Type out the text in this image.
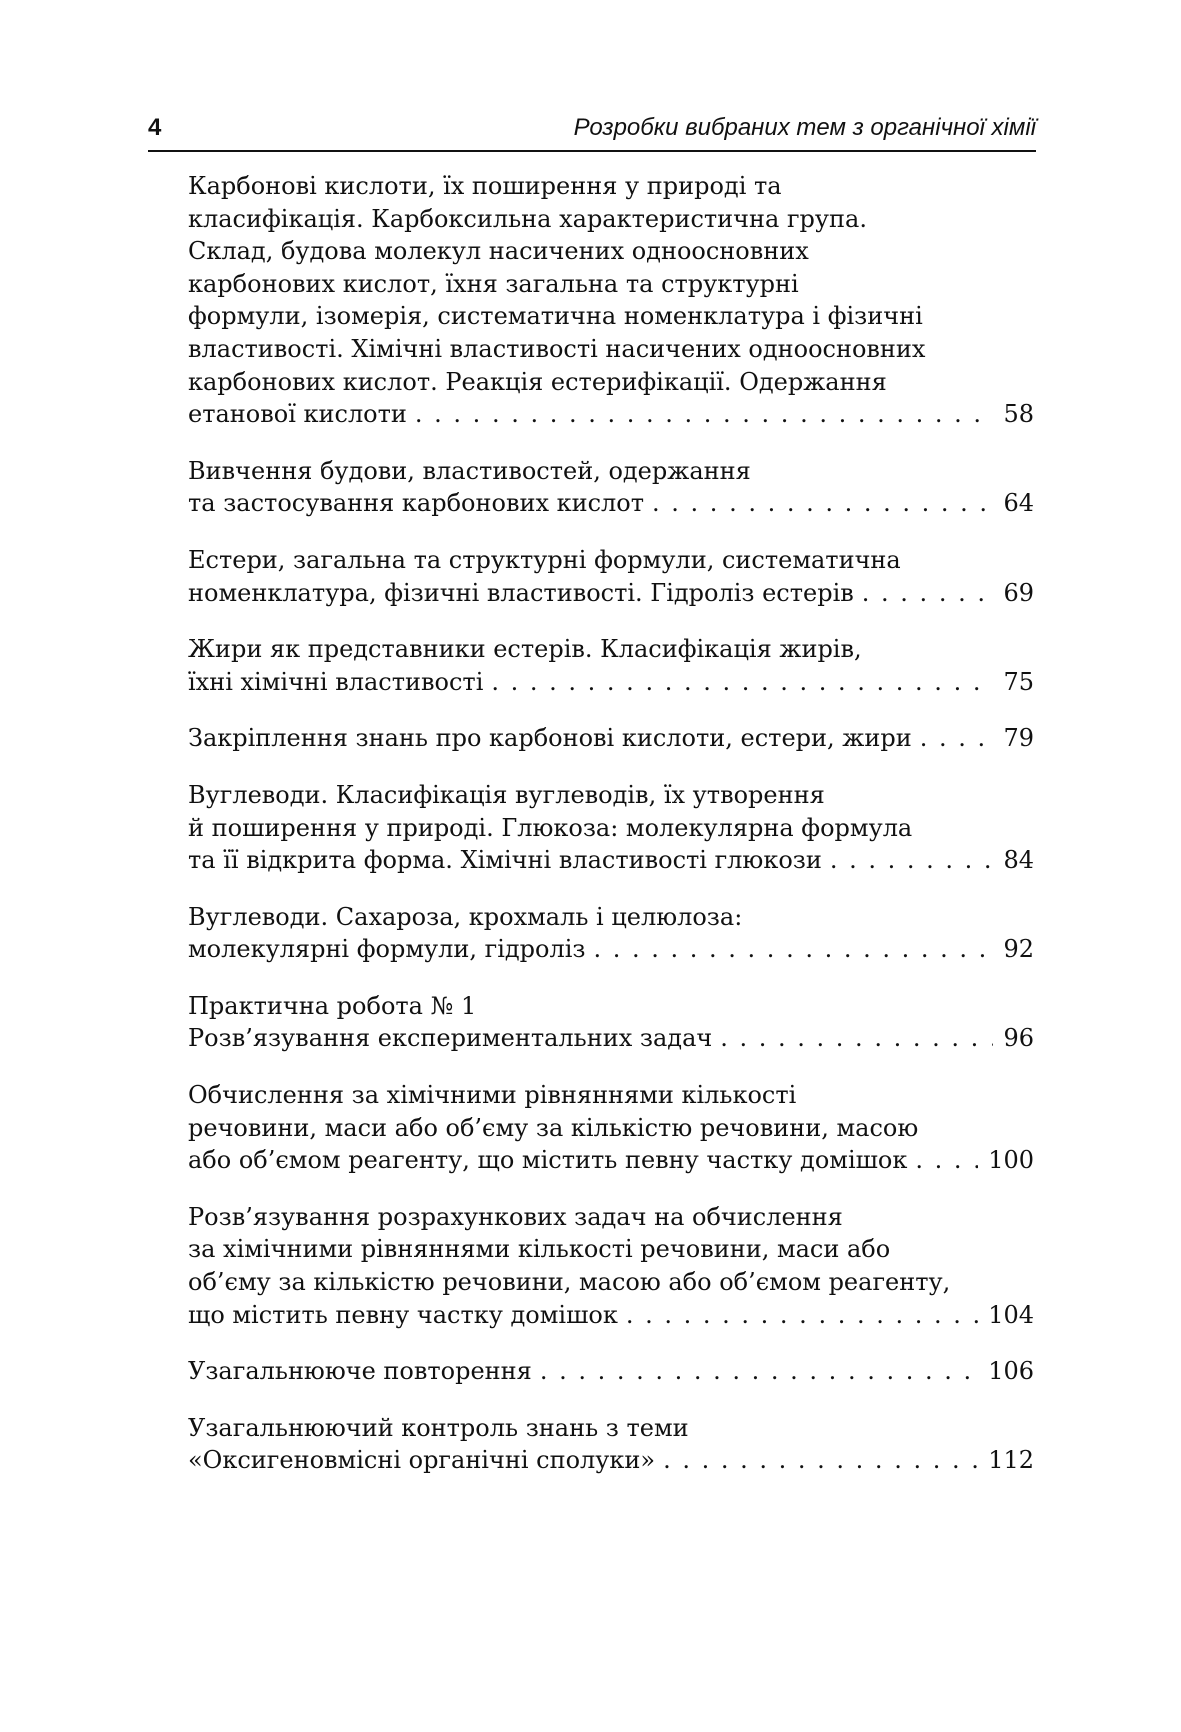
4	Розробки вибраних тем з органічної хімії
Карбонові кислоти, їх поширення у природі та
класифікація. Карбоксильна характеристична група.
Склад, будова молекул насичених одноосновних
карбонових кислот, їхня загальна та структурні
формули, ізомерія, систематична номенклатура і фізичні
властивості. Хімічні властивості насичених одноосновних
карбонових кислот. Реакція естерифікації. Одержання
етанової кислоти . . .	58
Вивчення будови, властивостей, одержання
та застосування карбонових кислот . . .	64
Естери, загальна та структурні формули, систематична
номенклатура, фізичні властивості. Гідроліз естерів . . .	69
Жири як представники естерів. Класифікація жирів,
їхні хімічні властивості . . .	75
Закріплення знань про карбонові кислоти, естери, жири . . .	79
Вуглеводи. Класифікація вуглеводів, їх утворення
й поширення у природі. Глюкоза: молекулярна формула
та її відкрита форма. Хімічні властивості глюкози . . .	84
Вуглеводи. Сахароза, крохмаль і целюлоза:
молекулярні формули, гідроліз . . .	92
Практична робота № 1
Розв’язування експериментальних задач . . .	96
Обчислення за хімічними рівняннями кількості
речовини, маси або об’єму за кількістю речовини, масою
або об’ємом реагенту, що містить певну частку домішок . . .	100
Розв’язування розрахункових задач на обчислення
за хімічними рівняннями кількості речовини, маси або
об’єму за кількістю речовини, масою або об’ємом реагенту,
що містить певну частку домішок . . .	104
Узагальнююче повторення . . .	106
Узагальнюючий контроль знань з теми
«Оксигеновмісні органічні сполуки» . . .	112
